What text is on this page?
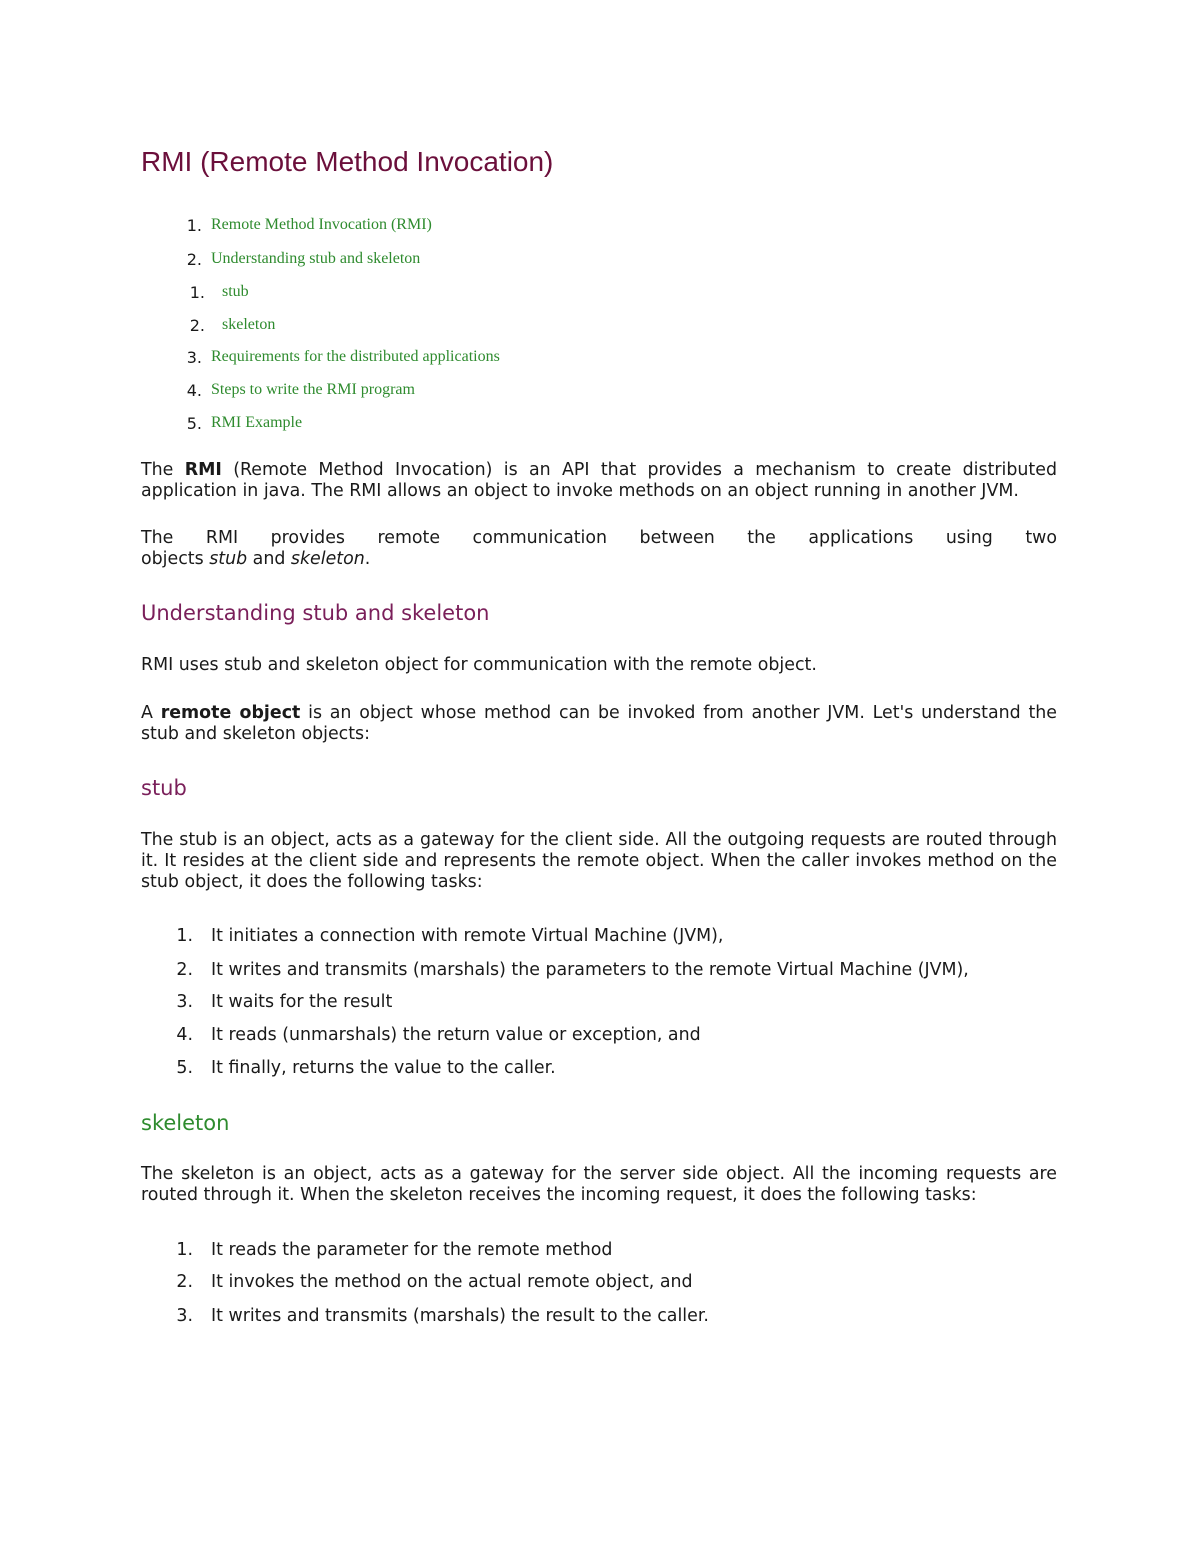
RMI (Remote Method Invocation)
1. Remote Method Invocation (RMI)
2. Understanding stub and skeleton
1. stub
2. skeleton
3. Requirements for the distributed applications
4. Steps to write the RMI program
5. RMI Example

The RMI (Remote Method Invocation) is an API that provides a mechanism to create distributed application in java. The RMI allows an object to invoke methods on an object running in another JVM.

The RMI provides remote communication between the applications using two
objects stub and skeleton.

Understanding stub and skeleton

RMI uses stub and skeleton object for communication with the remote object.

A remote object is an object whose method can be invoked from another JVM. Let's understand the stub and skeleton objects:

stub

The stub is an object, acts as a gateway for the client side. All the outgoing requests are routed through it. It resides at the client side and represents the remote object. When the caller invokes method on the stub object, it does the following tasks:

1. It initiates a connection with remote Virtual Machine (JVM),
2. It writes and transmits (marshals) the parameters to the remote Virtual Machine (JVM),
3. It waits for the result
4. It reads (unmarshals) the return value or exception, and
5. It finally, returns the value to the caller.
skeleton

The skeleton is an object, acts as a gateway for the server side object. All the incoming requests are routed through it. When the skeleton receives the incoming request, it does the following tasks:

1. It reads the parameter for the remote method
2. It invokes the method on the actual remote object, and
3. It writes and transmits (marshals) the result to the caller.
